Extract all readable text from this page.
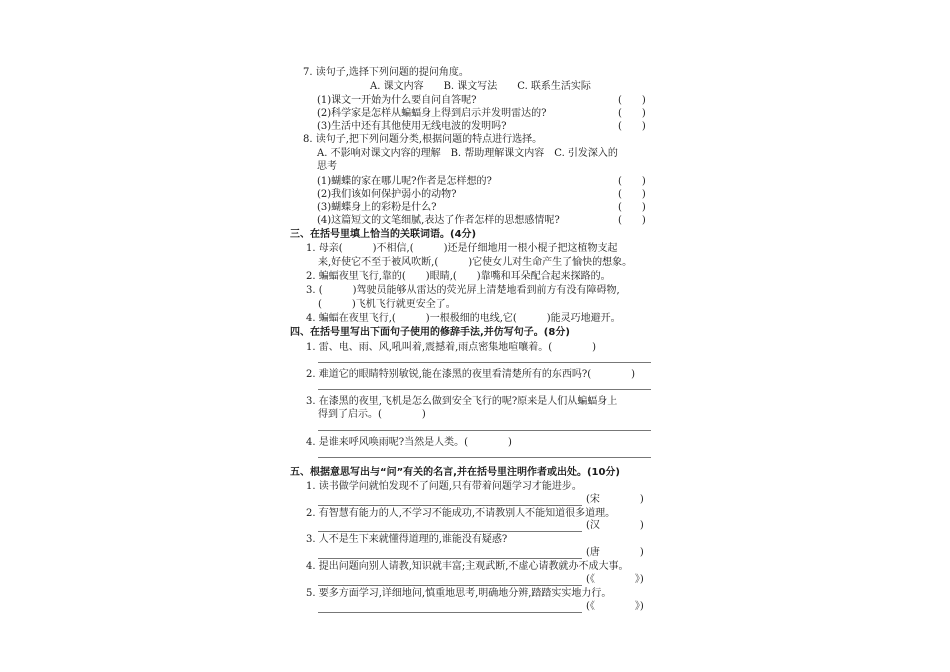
7. 读句子,选择下列问题的提问角度。
A. 课文内容　　B. 课文写法　　C. 联系生活实际
(1)课文一开始为什么要自问自答呢?	(　　)
(2)科学家是怎样从蝙蝠身上得到启示并发明雷达的?	(　　)
(3)生活中还有其他使用无线电波的发明吗?	(　　)
8. 读句子,把下列问题分类,根据问题的特点进行选择。
A. 不影响对课文内容的理解　B. 帮助理解课文内容　C. 引发深入的
思考
(1)蝴蝶的家在哪儿呢?作者是怎样想的?	(　　)
(2)我们该如何保护弱小的动物?	(　　)
(3)蝴蝶身上的彩粉是什么?	(　　)
(4)这篇短文的文笔细腻,表达了作者怎样的思想感情呢?	(　　)
三、在括号里填上恰当的关联词语。(4分)
1. 母亲(　　　)不相信,(　　　)还是仔细地用一根小棍子把这植物支起
来,好使它不至于被风吹断,(　　　)它使女儿对生命产生了愉快的想象。
2. 蝙蝠夜里飞行,靠的(　　)眼睛,(　　)靠嘴和耳朵配合起来探路的。
3. (　　　)驾驶员能够从雷达的荧光屏上清楚地看到前方有没有障碍物,
(　　　)飞机飞行就更安全了。
4. 蝙蝠在夜里飞行,(　　　)一根极细的电线,它(　　　)能灵巧地避开。
四、在括号里写出下面句子使用的修辞手法,并仿写句子。(8分)
1. 雷、电、雨、风,吼叫着,震撼着,雨点密集地喧嚷着。(　　　　)
2. 难道它的眼睛特别敏锐,能在漆黑的夜里看清楚所有的东西吗?(　　　　)
3. 在漆黑的夜里,飞机是怎么做到安全飞行的呢?原来是人们从蝙蝠身上
得到了启示。(　　　　)
4. 是谁来呼风唤雨呢?当然是人类。(　　　　)
五、根据意思写出与“问”有关的名言,并在括号里注明作者或出处。(10分)
1. 读书做学问就怕发现不了问题,只有带着问题学习才能进步。
(宋　　　　)
2. 有智慧有能力的人,不学习不能成功,不请教别人不能知道很多道理。
(汉　　　　)
3. 人不是生下来就懂得道理的,谁能没有疑惑?
(唐　　　　)
4. 提出问题向别人请教,知识就丰富;主观武断,不虚心请教就办不成大事。
(《　　　　》)
5. 要多方面学习,详细地问,慎重地思考,明确地分辨,踏踏实实地力行。
(《　　　　》)
